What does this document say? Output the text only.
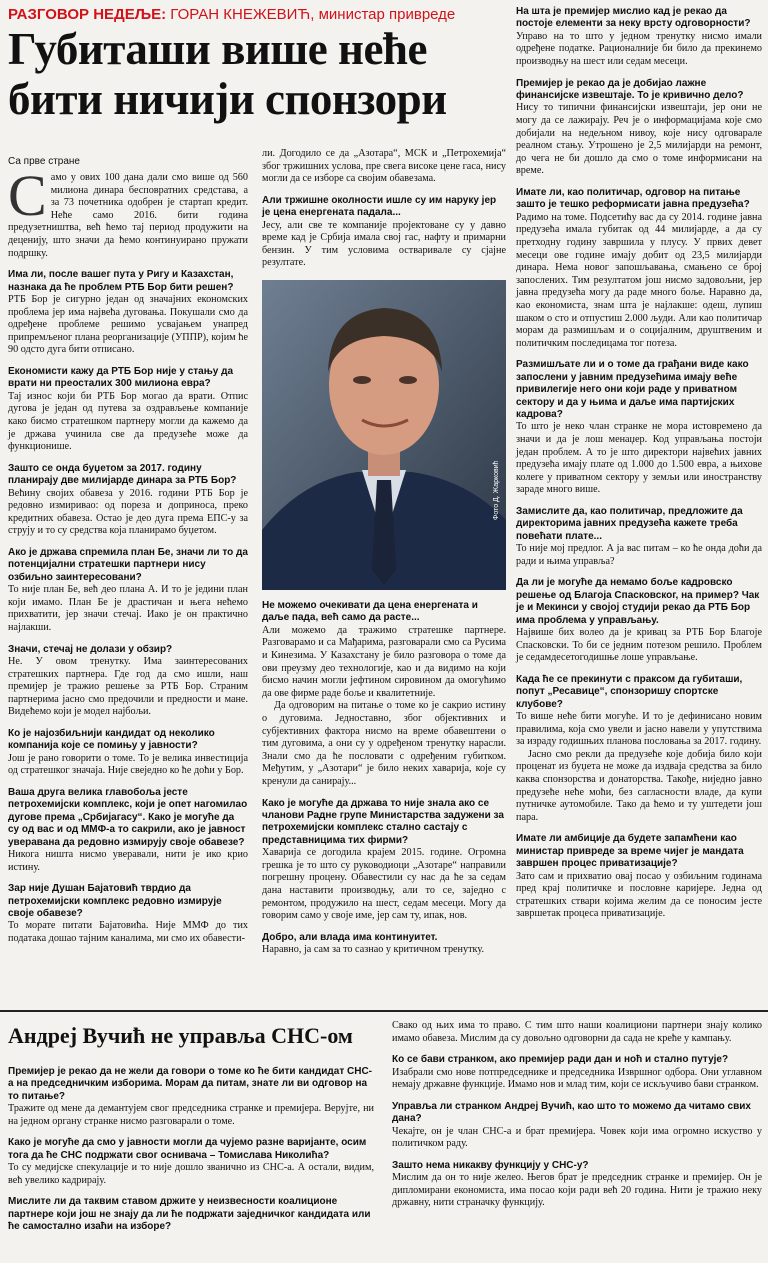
РАЗГОВОР НЕДЕЉЕ: ГОРАН КНЕЖЕВИЋ, министар привреде
Губиташи више неће бити ничији спонзори
Са прве стране

Само у ових 100 дана дали смо више од 560 милиона динара бесповратних средстава, а за 73 почетника одобрен је стартап кредит. Неће само 2016. бити година предузетништва, већ ћемо тај период продужити на деценију, што значи да ћемо континуирано пружати подршку.

Има ли, после вашег пута у Ригу и Казахстан, назнака да ће проблем РТБ Бор бити решен?

РТБ Бор је сигурно један од значајних економских проблема јер има највећа дуговања. Покушали смо да одређене проблеме решимо усвајањем унапред припремљеног плана реорганизације (УППР), којим ће 90 одсто дуга бити отписано.

Економисти кажу да РТБ Бор није у стању да врати ни преосталих 300 милиона евра?

Тај износ који би РТБ Бор могао да врати. Отпис дугова је један од путева за оздрављење компаније како бисмо стратешком партнеру могли да кажемо да је држава учинила све да предузеће може да функционише.

Зашто се онда буџетом за 2017. годину планирају две милијарде динара за РТБ Бор?

Већину својих обавеза у 2016. години РТБ Бор је редовно измиривао: од пореза и доприноса, преко кредитних обавеза. Остао је део дуга према ЕПС-у за струју и то су средства која планирамо буџетом.

Ако је држава спремила план Бе, значи ли то да потенцијални стратешки партнери нису озбиљно заинтересовани?

То није план Бе, већ део плана А. И то је једини план који имамо. План Бе је драстичан и њега нећемо прихватити, јер значи стечај. Иако је он практично најлакши.

Значи, стечај не долази у обзир?

Не. У овом тренутку. Има заинтересованих стратешких партнера. Где год да смо ишли, наш премијер је тражио решење за РТБ Бор. Страним партнерима јасно смо предочили и предности и мане. Видећемо који је модел најбољи.

Ко је најозбиљнији кандидат од неколико компанија које се помињу у јавности?

Још је рано говорити о томе. То је велика инвестиција од стратешког значаја. Није свеједно ко ће доћи у Бор.

Ваша друга велика главобоља јесте петрохемијски комплекс, који је опет нагомилао дугове према „Србијагасу“. Како је могуће да су од вас и од ММФ-а то сакрили, ако је јавност уверавана да редовно измирују своје обавезе?

Никога ништа нисмо уверавали, нити је ико крио истину.

Зар није Душан Бајатовић тврдио да петрохемијски комплекс редовно измирује своје обавезе?

То морате питати Бајатовића. Није ММФ до тих података дошао тајним каналима, ми смо их обавести-

ли. Догодило се да „Азотара“, МСК и „Петрохемија“ због тржишних услова, пре свега високе цене гаса, нису могли да се изборе са својим обавезама.

Али тржишне околности ишле су им наруку јер је цена енергената падала...

Јесу, али све те компаније пројектоване су у давно време кад је Србија имала свој гас, нафту и примарни бензин. У тим условима остваривале су сјајне резултате.

Фото Д. Жарковић

Не можемо очекивати да цена енергената и даље пада, већ само да расте...

Али можемо да тражимо стратешке партнере. Разговарамо и са Мађарима, разговарали смо са Русима и Кинезима. У Казахстану је било разговора о томе да ови преузму део технологије, као и да видимо на који бисмо начин могли јефтином сировином да омогућимо да ове фирме раде боље и квалитетније.

Да одговорим на питање о томе ко је сакрио истину о дуговима. Једноставно, због објективних и субјективних фактора нисмо на време обавештени о тим дуговима, а они су у одређеном тренутку нарасли. Знали смо да ће пословати с одређеним губитком. Међутим, у „Азотари“ је било неких хаварија, које су кренули да санирају...

Како је могуће да држава то није знала ако се чланови Радне групе Министарства задужени за петрохемијски комплекс стално састају с представницима тих фирми?

Хаварија се догодила крајем 2015. године. Огромна грешка је то што су руководиоци „Азотаре“ направили погрешну процену. Обавестили су нас да ће за седам дана наставити производњу, али то се, заједно с ремонтом, продужило на шест, седам месеци. Могу да говорим само у своје име, јер сам ту, ипак, нов.

Добро, али влада има континуитет.

Наравно, ја сам за то сазнао у критичном тренутку.

На шта је премијер мислио кад је рекао да постоје елементи за неку врсту одговорности?

Управо на то што у једном тренутку нисмо имали одређене податке. Рационалније би било да прекинемо производњу на шест или седам месеци.

Премијер је рекао да је добијао лажне финансијске извештаје. То је кривично дело?

Нису то типични финансијски извештаји, јер они не могу да се лажирају. Реч је о информацијама које смо добијали на недељном нивоу, које нису одговарале реалном стању. Утрошено је 2,5 милијарди на ремонт, до чега не би дошло да смо о томе информисани на време.

Имате ли, као политичар, одговор на питање зашто је тешко реформисати јавна предузећа?

Радимо на томе. Подсетићу вас да су 2014. године јавна предузећа имала губитак од 44 милијарде, а да су претходну годину завршила у плусу. У првих девет месеци ове године имају добит од 23,5 милијарди динара. Нема новог запошљавања, смањено се број запослених. Тим резултатом још нисмо задовољни, јер јавна предузећа могу да раде много боље. Наравно да, као економиста, знам шта је најлакше: одеш, лупиш шаком о сто и отпустиш 2.000 људи. Али као политичар морам да размишљам и о социјалним, друштвеним и политичким последицама тог потеза.

Размишљате ли и о томе да грађани виде како запослени у јавним предузећима имају веће привилегије него они који раде у приватном сектору и да у њима и даље има партијских кадрова?

То што је неко члан странке не мора истовремено да значи и да је лош менаџер. Код управљања постоји један проблем. А то је што директори највећих јавних предузећа имају плате од 1.000 до 1.500 евра, а њихове колеге у приватном сектору у земљи или иностранству зараде много више.

Замислите да, као политичар, предложите да директорима јавних предузећа кажете треба повећати плате...

То није мој предлог. А ја вас питам – ко ће онда доћи да ради и њима управља?

Да ли је могуће да немамо боље кадровско решење од Благоја Спасковског, на пример? Чак је и Мекинси у својој студији рекао да РТБ Бор има проблема у управљању.

Највише бих волео да је кривац за РТБ Бор Благоје Спасковски. То би се једним потезом решило. Проблем је седамдесетогодишње лоше управљање.

Када ће се прекинути с праксом да губиташи, попут „Ресавице“, спонзоришу спортске клубове?

То више неће бити могуће. И то је дефинисано новим правилима, која смо увели и јасно навели у упутствима за израду годишњих планова пословања за 2017. годину.

Јасно смо рекли да предузеће које добија било који проценат из буџета не може да издваја средства за било каква спонзорства и донаторства. Такође, ниједно јавно предузеће неће моћи, без сагласности владе, да купи путничке аутомобиле. Тако да ћемо и ту уштедети још пара.

Имате ли амбиције да будете запамћени као министар привреде за време чијег је мандата завршен процес приватизације?

Зато сам и прихватио овај посао у озбиљним годинама пред крај политичке и пословне каријере. Једна од стратешких ствари којима желим да се поносим јесте завршетак процеса приватизације.

Андреј Вучић не управља СНС-ом

Премијер је рекао да не жели да говори о томе ко ће бити кандидат СНС-а на председничким изборима. Морам да питам, знате ли ви одговор на то питање?

Тражите од мене да демантујем свог председника странке и премијера. Верујте, ни на једном органу странке нисмо разговарали о томе.

Како је могуће да смо у јавности могли да чујемо разне варијанте, осим тога да ће СНС подржати свог оснивача – Томислава Николића?

То су медијске спекулације и то није дошло званично из СНС-а. А остали, видим, већ увелико кадрирају.

Мислите ли да таквим ставом држите у неизвесности коалиционе партнере који још не знају да ли ће подржати заједничког кандидата или ће самостално изаћи на изборе?

Свако од њих има то право. С тим што наши коалициони партнери знају колико имамо обавеза. Мислим да су довољно одговорни да сада не креће у кампању.

Ко се бави странком, ако премијер ради дан и ноћ и стално путује?

Изабрали смо нове потпредседнике и председника Извршног одбора. Они углавном немају државне функције. Имамо нов и млад тим, који се искључиво бави странком.

Управља ли странком Андреј Вучић, као што то можемо да читамо свих дана?

Чекајте, он је члан СНС-а и брат премијера. Човек који има огромно искуство у политичком раду.

Зашто нема никакву функцију у СНС-у?

Мислим да он то није желео. Његов брат је председник странке и премијер. Он је дипломирани економиста, има посао који ради већ 20 година. Нити је тражио неку државну, нити страначку функцију.
